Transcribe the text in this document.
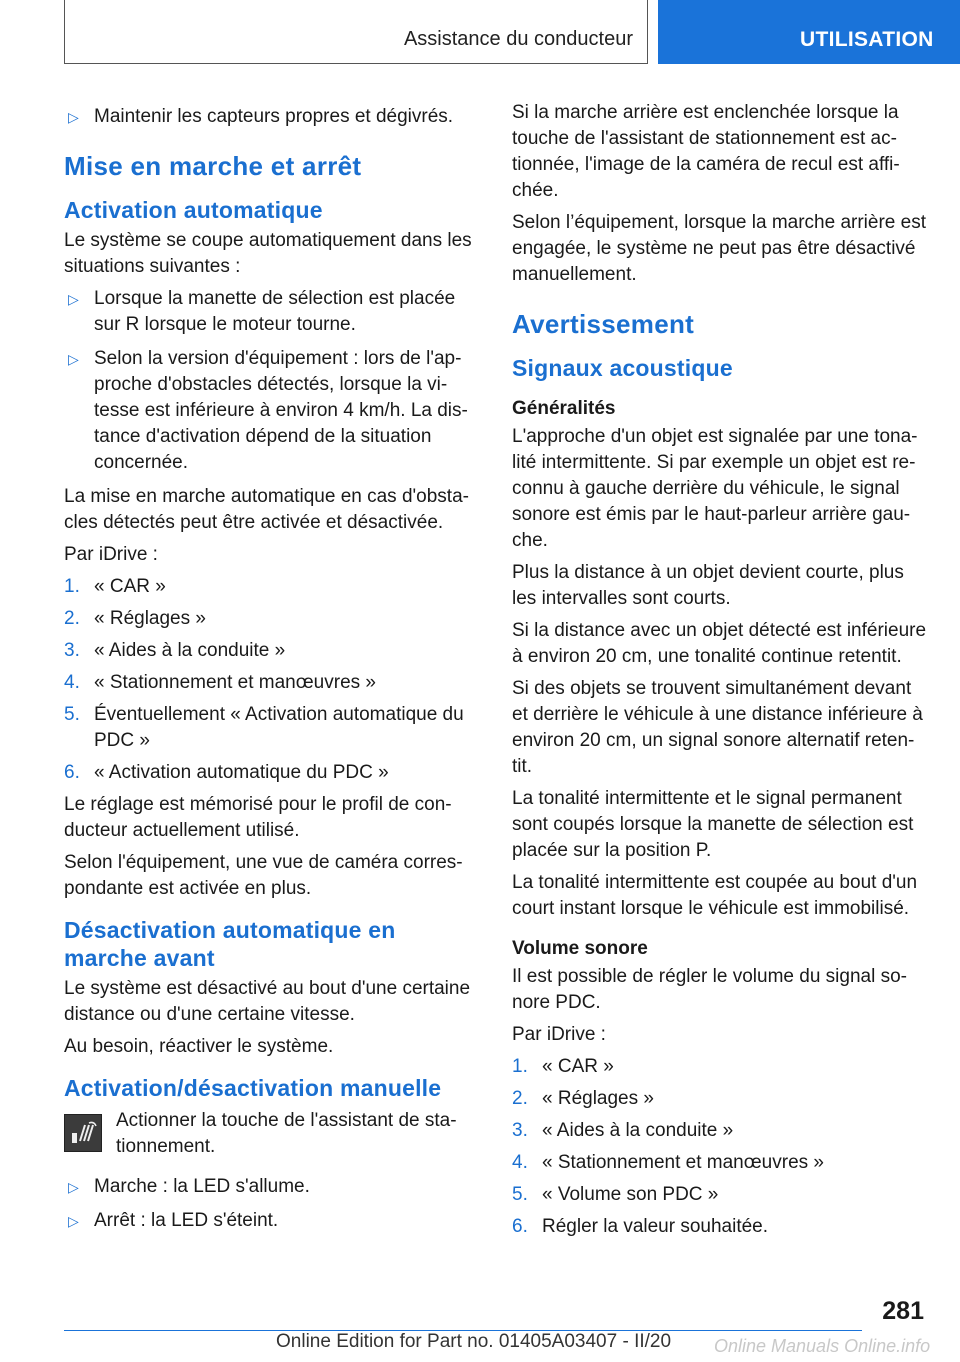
Assistance du conducteur	UTILISATION
▷ Maintenir les capteurs propres et dégivrés.
Mise en marche et arrêt
Activation automatique

Le système se coupe automatiquement dans les situations suivantes :

▷ Lorsque la manette de sélection est placée sur R lorsque le moteur tourne.
▷ Selon la version d'équipement : lors de l'ap- proche d'obstacles détectés, lorsque la vi- tesse est inférieure à environ 4 km/h. La dis- tance d'activation dépend de la situation concernée.

La mise en marche automatique en cas d'obsta- cles détectés peut être activée et désactivée.

Par iDrive :

1. « CAR »
2. « Réglages »
3. « Aides à la conduite »
4. « Stationnement et manœuvres »
5. Éventuellement « Activation automatique du PDC »
6. « Activation automatique du PDC »

Le réglage est mémorisé pour le profil de con- ducteur actuellement utilisé.

Selon l'équipement, une vue de caméra corres- pondante est activée en plus.

Désactivation automatique en marche avant

Le système est désactivé au bout d'une certaine distance ou d'une certaine vitesse.

Au besoin, réactiver le système.

Activation/désactivation manuelle
Actionner la touche de l'assistant de sta- tionnement.
▷ Marche : la LED s'allume.
▷ Arrêt : la LED s'éteint.

Si la marche arrière est enclenchée lorsque la touche de l'assistant de stationnement est ac- tionnée, l'image de la caméra de recul est affi- chée.

Selon l’équipement, lorsque la marche arrière est engagée, le système ne peut pas être désactivé manuellement.

Avertissement
Signaux acoustique
Généralités

L'approche d'un objet est signalée par une tona- lité intermittente. Si par exemple un objet est re- connu à gauche derrière du véhicule, le signal sonore est émis par le haut-parleur arrière gau- che.

Plus la distance à un objet devient courte, plus les intervalles sont courts.

Si la distance avec un objet détecté est inférieure à environ 20 cm, une tonalité continue retentit.

Si des objets se trouvent simultanément devant et derrière le véhicule à une distance inférieure à environ 20 cm, un signal sonore alternatif reten- tit.

La tonalité intermittente et le signal permanent sont coupés lorsque la manette de sélection est placée sur la position P.

La tonalité intermittente est coupée au bout d'un court instant lorsque le véhicule est immobilisé.

Volume sonore

Il est possible de régler le volume du signal so- nore PDC.

Par iDrive :

1. « CAR »
2. « Réglages »
3. « Aides à la conduite »
4. « Stationnement et manœuvres »
5. « Volume son PDC »
6. Régler la valeur souhaitée.
281
Online Edition for Part no. 01405A03407 - II/20 Online Manuals Online.info
